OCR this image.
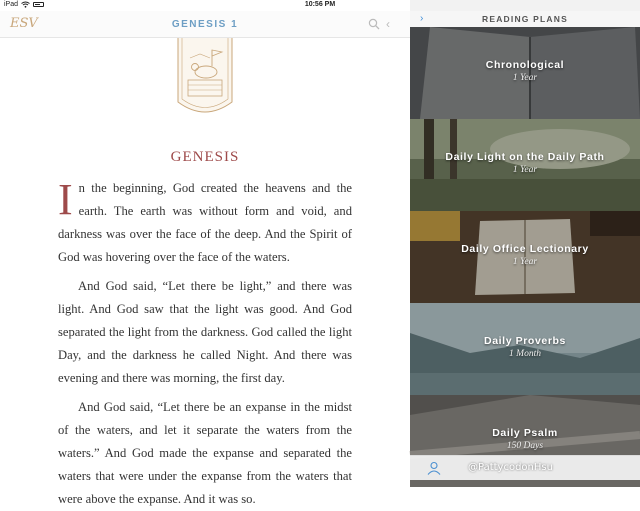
iPad	10:56 PM
ESV	GENESIS 1	‹
GENESIS

In the beginning, God created the heavens and the earth. The earth was without form and void, and darkness was over the face of the deep. And the Spirit of God was hovering over the face of the waters.

And God said, “Let there be light,” and there was light. And God saw that the light was good. And God separated the light from the darkness. God called the light Day, and the darkness he called Night. And there was evening and there was morning, the first day.

And God said, “Let there be an expanse in the midst of the waters, and let it separate the waters from the waters.” And God made the expanse and separated the waters that were under the expanse from the waters that were above the expanse. And it was so.

›	READING PLANS
Chronological
1 Year
Daily Light on the Daily Path
1 Year
Daily Office Lectionary
1 Year
Daily Proverbs
1 Month
Daily Psalm
150 Days
@PattycodonHsu
